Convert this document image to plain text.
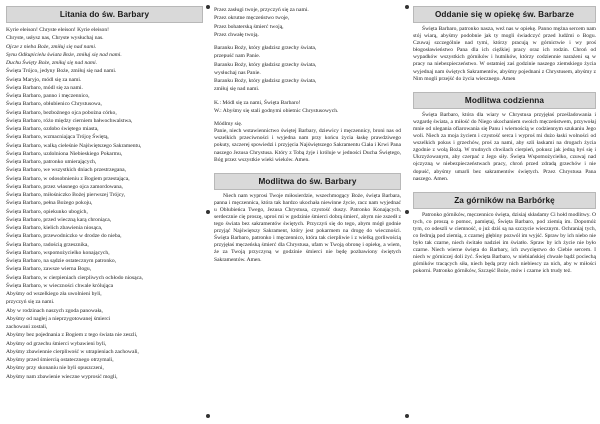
Litania do św. Barbary
Kyrie eleison! Chryste eleison! Kyrie eleison!
Chryste, usłysz nas, Chryste wysłuchaj nas.
Ojcze z nieba Boże, zmiłuj się nad nami.
Synu Odkupicielu świata Boże, zmiłuj się nad nami.
Duchu Święty Boże, zmiłuj się nad nami.
Święta Trójco, jedyny Boże, zmiłuj się nad nami.
Święta Maryjo, módl się za nami.
Święta Barbaro, módl się za nami.
Święta Barbaro, panno i męczennico,
Święta Barbaro, obłubienico Chrystusowa,
Święta Barbaro, bezbożnego ojca pobożna córko,
Święta Barbaro, różo między cierniem bałwochwalstwa,
Święta Barbaro, ozdobo świętego miasta,
Święta Barbaro, wzmacniająca Trójcę Świętą,
Święta Barbaro, walką cieleśnie Najświętszego Sakramentu,
Święta Barbaro, uzdolniona Niebieskiego Pokarmu,
Święta Barbaro, patronko umierających,
Święta Barbaro, we wszystkich dniach przestrzegana,
Święta Barbaro, w odosobnieniu z Bogiem przestająca,
Święta Barbaro, przez własnego ojca zamordowana,
Święta Barbaro, miłośniczko Bożej pierwszej Trójcy,
Święta Barbaro, pełna Bożego pokoju,
Święta Barbaro, opiekunko ubogich,
Święta Barbaro, przed wieczną karą chroniąca,
Święta Barbaro, kielich zbawienia niosąca,
Święta Barbaro, przewodniczko w drodze do nieba,
Święta Barbaro, radością grzesznika,
Święta Barbaro, wspomożycielko konających,
Święta Barbaro, na sądzie ostatecznym patronko,
Święta Barbaro, zawsze wierna Bogu,
Święta Barbaro, w cierpieniach cierpliwych ochłodo niosąca,
Święta Barbaro, w wieczności chwale królująca
Abyśmy od wszelkiego zła uwolnieni byli,
przyczyń się za nami.
Aby w rodzinach naszych zgoda panowała,
Abyśmy od nagłej a nieprzygotowanej śmierci
zachowani zostali,
Abyśmy bez pojednania z Bogiem z tego świata nie zeszli,
Abyśmy od grzechu śmierci wybawieni byli,
Abyśmy zbawiennie cierpliwość w utrapieniach zachowali,
Abyśmy przed śmiercią ostatecznego otrzymali,
Abyśmy przy skonaniu nie byli opuszczeni,
Abyśmy nam zbawienie wieczne wyprosić mogli,
Przez zasługi twoje, przyczyń się za nami.
Przez okrutne męczeństwo twoje,
Przez bohaterską śmierć twoją,
Przez chwałę twoją.
Baranku Boży, który gładzisz grzechy świata,
przepuść nam Panie.
Baranku Boży, który gładzisz grzechy świata,
wysłuchaj nas Panie.
Baranku Boży, który gładzisz grzechy świata,
zmiłuj się nad nami.
K.: Módl się za nami, Święta Barbaro!
W.: Abyśmy się stali godnymi obietnic Chrystusowych.
Módlmy się.

Panie, niech wstawiennictwo świętej Barbary, dziewicy i męczennicy, broni nas od wszelkich przeciwności i wyjedna nam przy końcu życia łaskę prawdziwego pokuty, szczerej spowiedzi i przyjęcia Najświętszego Sakramentu Ciała i Krwi Pana naszego Jezusa Chrystusa. Który z Tobą żyje i króluje w jedności Ducha Świętego, Bóg przez wszystkie wieki wieków. Amen.

Modlitwa do św. Barbary

Niech nam wyprosi Twoje miłosierdzie, wszechmogący Boże, święta Barbara, panna i męczennica, która tak bardzo ukochała niewinne życie, racz nam wyjednać u Oblubieńca Twego, Jezusa Chrystusa, czystość duszy. Patronko Konających, serdecznie cię proszę, uproś mi w godzinie śmierci dobrą śmierć, abym nie zszedł z tego świata bez sakramentów świętych. Przyczyń się do tego, abym mógł godnie przyjąć Najświętszy Sakrament, który jest pokarmem na drogę do wieczności. Święta Barbaro, patronko i męczennico, która tak cierpliwie i z wielką gorliwością przyjęłaś męczeńską śmierć dla Chrystusa, ufam w Twoją obronę i opiekę, a wiem, że za Twoją przyczyną w godzinie śmierci nie będę pozbawiony świętych Sakramentów. Amen.

Oddanie się w opiekę św. Barbarze

Święta Barbaro, patronko nasza, weź nas w opiekę. Panno mężna sercem nam stój wiarą, abyśmy podobnie jak ty mogli świadczyć przed ludźmi o Bogu. Czuwaj szczególnie nad tymi, którzy pracują w górnictwie i wy proś błogosławieństwo Pana dla ich ciężkiej pracy oraz ich rodzin. Chroń od wypadków wszystkich górników i hutników, którzy codziennie narażeni są w pracy na niebezpieczeństwo. W ostatniej zaś godzinie naszego ziemskiego życia wyjednaj nam świętych Sakramentów, abyśmy pojednani z Chrystusem, abyśmy z Nim mogli przejść do życia wiecznego. Amen

Modlitwa codzienna

Święta Barbaro, która dla wiary w Chrystusa przyjęłaś prześladowania i wzgardę świata, a miłość do Niego ukochaniem swoich męczeństwem, przywołaj mnie od ulegania ofiarowania się Panu i wiernością w codziennym szukaniu Jego woli. Niech za moja życiem i czystość serca i wyproś mi dużo łaski wolności od wszelkich pokus i grzechów, proś za nami, aby szli łaskami na drogach życia zgodnie z wolą Bożą. W trudnych chwilach cierpień, pokusz jak jedną byś się i Ukrzyżowanym, aby czerpać z Jego siły. Święta Wspomożycielko, czuwaj nad ojczyzną w niebezpieczeństwach pracy, chroń przed zdradą grzechów i nie dopuść, abyśmy umarli bez sakramentów świętych. Przez Chrystusa Pana naszego. Amen.

Za górników na Barbórkę

Patronko górników, męczennico święta, dzisiaj składamy Ci hołd modlitwy. O tych, co proszą o pomoc, pamiętaj, Święta Barbaro, pod ziemią im. Dopomóż tym, co odeszli w ciemność, o już dziś są na szczycie wiecznym. Ochraniaj tych, co fedrują pod ziemią, z czarnej głębiny pozwól im wyjść. Spraw by ich niebo nie było tak czarne, niech świtało nadziei im światło. Spraw by ich życie nie było czarne. Niech wierne święta do Barbary, ich zwycięstwo do Ciebie sercem. I niech w górniczej doli żyć. Święta Barbaro, w niebiańskiej chwale bądź pociechą górników tracących siła, niech będą przy nich niebiescy za nich, aby w miłości pokorni. Patronko górników, Szczęść Boże, mów i czarne ich trudy też.
